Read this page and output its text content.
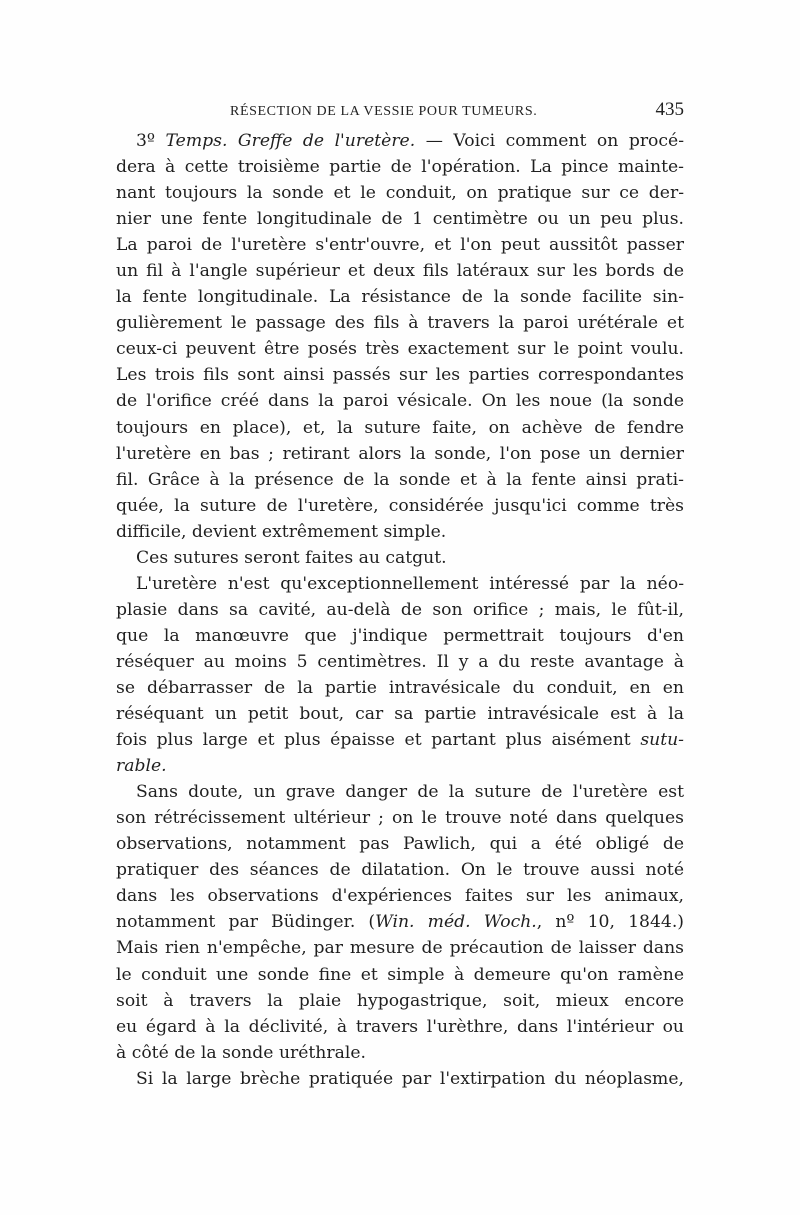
RÉSECTION DE LA VESSIE POUR TUMEURS.	435
3º Temps. Greffe de l'uretère. — Voici comment on procé-
dera à cette troisième partie de l'opération. La pince mainte-
nant toujours la sonde et le conduit, on pratique sur ce der-
nier une fente longitudinale de 1 centimètre ou un peu plus.
La paroi de l'uretère s'entr'ouvre, et l'on peut aussitôt passer
un fil à l'angle supérieur et deux fils latéraux sur les bords de
la fente longitudinale. La résistance de la sonde facilite sin-
gulièrement le passage des fils à travers la paroi urétérale et
ceux-ci peuvent être posés très exactement sur le point voulu.
Les trois fils sont ainsi passés sur les parties correspondantes
de l'orifice créé dans la paroi vésicale. On les noue (la sonde
toujours en place), et, la suture faite, on achève de fendre
l'uretère en bas ; retirant alors la sonde, l'on pose un dernier
fil. Grâce à la présence de la sonde et à la fente ainsi prati-
quée, la suture de l'uretère, considérée jusqu'ici comme très
difficile, devient extrêmement simple.
Ces sutures seront faites au catgut.
L'uretère n'est qu'exceptionnellement intéressé par la néo-
plasie dans sa cavité, au-delà de son orifice ; mais, le fût-il,
que la manœuvre que j'indique permettrait toujours d'en
réséquer au moins 5 centimètres. Il y a du reste avantage à
se débarrasser de la partie intravésicale du conduit, en en
réséquant un petit bout, car sa partie intravésicale est à la
fois plus large et plus épaisse et partant plus aisément sutu-
rable.
Sans doute, un grave danger de la suture de l'uretère est
son rétrécissement ultérieur ; on le trouve noté dans quelques
observations, notamment pas Pawlich, qui a été obligé de
pratiquer des séances de dilatation. On le trouve aussi noté
dans les observations d'expériences faites sur les animaux,
notamment par Büdinger. (Win. méd. Woch., nº 10, 1844.)
Mais rien n'empêche, par mesure de précaution de laisser dans
le conduit une sonde fine et simple à demeure qu'on ramène
soit à travers la plaie hypogastrique, soit, mieux encore
eu égard à la déclivité, à travers l'urèthre, dans l'intérieur ou
à côté de la sonde uréthrale.
Si la large brèche pratiquée par l'extirpation du néoplasme,
